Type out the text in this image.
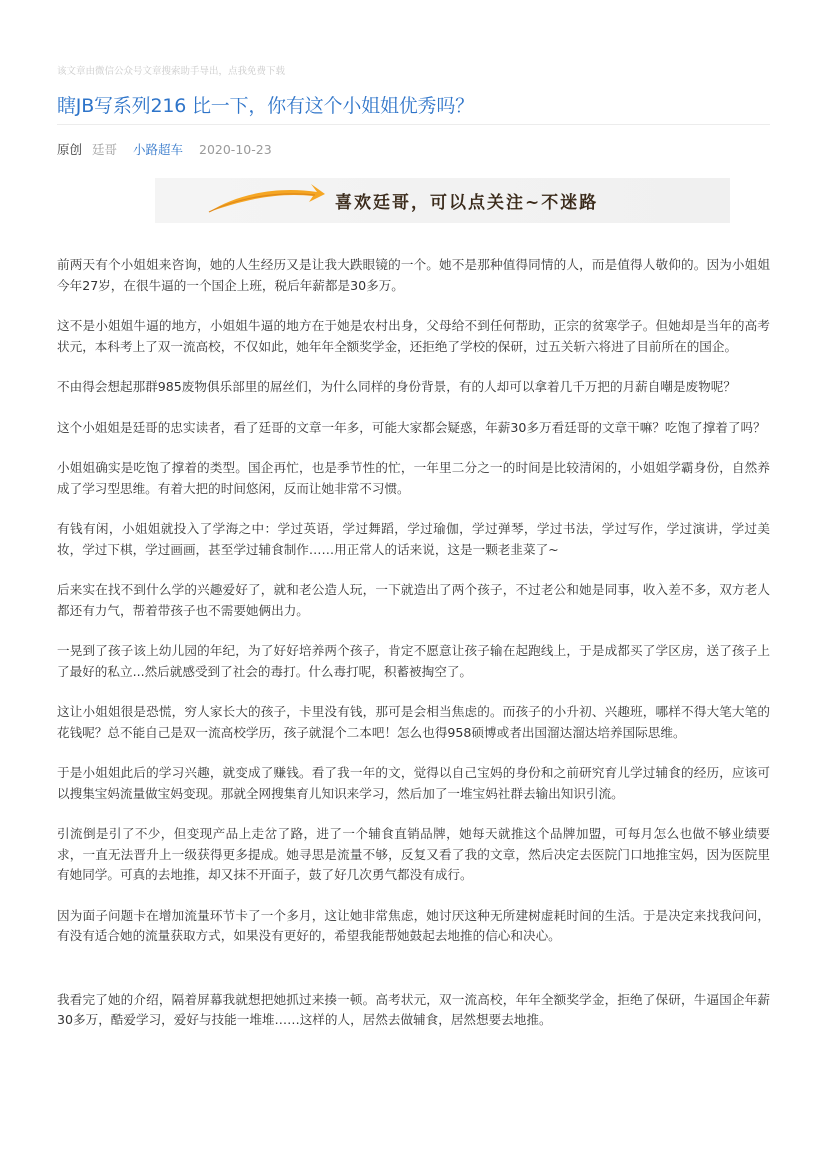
该文章由微信公众号文章搜索助手导出，点我免费下载
瞎JB写系列216 比一下，你有这个小姐姐优秀吗？
原创 廷哥 小路超车 2020-10-23
喜欢廷哥，可以点关注~不迷路

前两天有个小姐姐来咨询，她的人生经历又是让我大跌眼镜的一个。她不是那种值得同情的人，而是值得人敬仰的。因为小姐姐今年27岁，在很牛逼的一个国企上班，税后年薪都是30多万。

这不是小姐姐牛逼的地方，小姐姐牛逼的地方在于她是农村出身，父母给不到任何帮助，正宗的贫寒学子。但她却是当年的高考状元，本科考上了双一流高校，不仅如此，她年年全额奖学金，还拒绝了学校的保研，过五关斩六将进了目前所在的国企。

不由得会想起那群985废物俱乐部里的屌丝们，为什么同样的身份背景，有的人却可以拿着几千万把的月薪自嘲是废物呢？

这个小姐姐是廷哥的忠实读者，看了廷哥的文章一年多，可能大家都会疑惑，年薪30多万看廷哥的文章干嘛？吃饱了撑着了吗？

小姐姐确实是吃饱了撑着的类型。国企再忙，也是季节性的忙，一年里二分之一的时间是比较清闲的，小姐姐学霸身份，自然养成了学习型思维。有着大把的时间悠闲，反而让她非常不习惯。

有钱有闲，小姐姐就投入了学海之中：学过英语，学过舞蹈，学过瑜伽，学过弹琴，学过书法，学过写作，学过演讲，学过美妆，学过下棋，学过画画，甚至学过辅食制作……用正常人的话来说，这是一颗老韭菜了~

后来实在找不到什么学的兴趣爱好了，就和老公造人玩，一下就造出了两个孩子，不过老公和她是同事，收入差不多，双方老人都还有力气，帮着带孩子也不需要她俩出力。

一晃到了孩子该上幼儿园的年纪，为了好好培养两个孩子，肯定不愿意让孩子输在起跑线上，于是成都买了学区房，送了孩子上了最好的私立...然后就感受到了社会的毒打。什么毒打呢，积蓄被掏空了。

这让小姐姐很是恐慌，穷人家长大的孩子，卡里没有钱，那可是会相当焦虑的。而孩子的小升初、兴趣班，哪样不得大笔大笔的花钱呢？总不能自己是双一流高校学历，孩子就混个二本吧！怎么也得958硕博或者出国溜达溜达培养国际思维。

于是小姐姐此后的学习兴趣，就变成了赚钱。看了我一年的文，觉得以自己宝妈的身份和之前研究育儿学过辅食的经历，应该可以搜集宝妈流量做宝妈变现。那就全网搜集育儿知识来学习，然后加了一堆宝妈社群去输出知识引流。

引流倒是引了不少，但变现产品上走岔了路，进了一个辅食直销品牌，她每天就推这个品牌加盟，可每月怎么也做不够业绩要求，一直无法晋升上一级获得更多提成。她寻思是流量不够，反复又看了我的文章，然后决定去医院门口地推宝妈，因为医院里有她同学。可真的去地推，却又抹不开面子，鼓了好几次勇气都没有成行。

因为面子问题卡在增加流量环节卡了一个多月，这让她非常焦虑，她讨厌这种无所建树虚耗时间的生活。于是决定来找我问问，有没有适合她的流量获取方式，如果没有更好的，希望我能帮她鼓起去地推的信心和决心。

我看完了她的介绍，隔着屏幕我就想把她抓过来揍一顿。高考状元，双一流高校，年年全额奖学金，拒绝了保研，牛逼国企年薪30多万，酷爱学习，爱好与技能一堆堆……这样的人，居然去做辅食，居然想要去地推。
